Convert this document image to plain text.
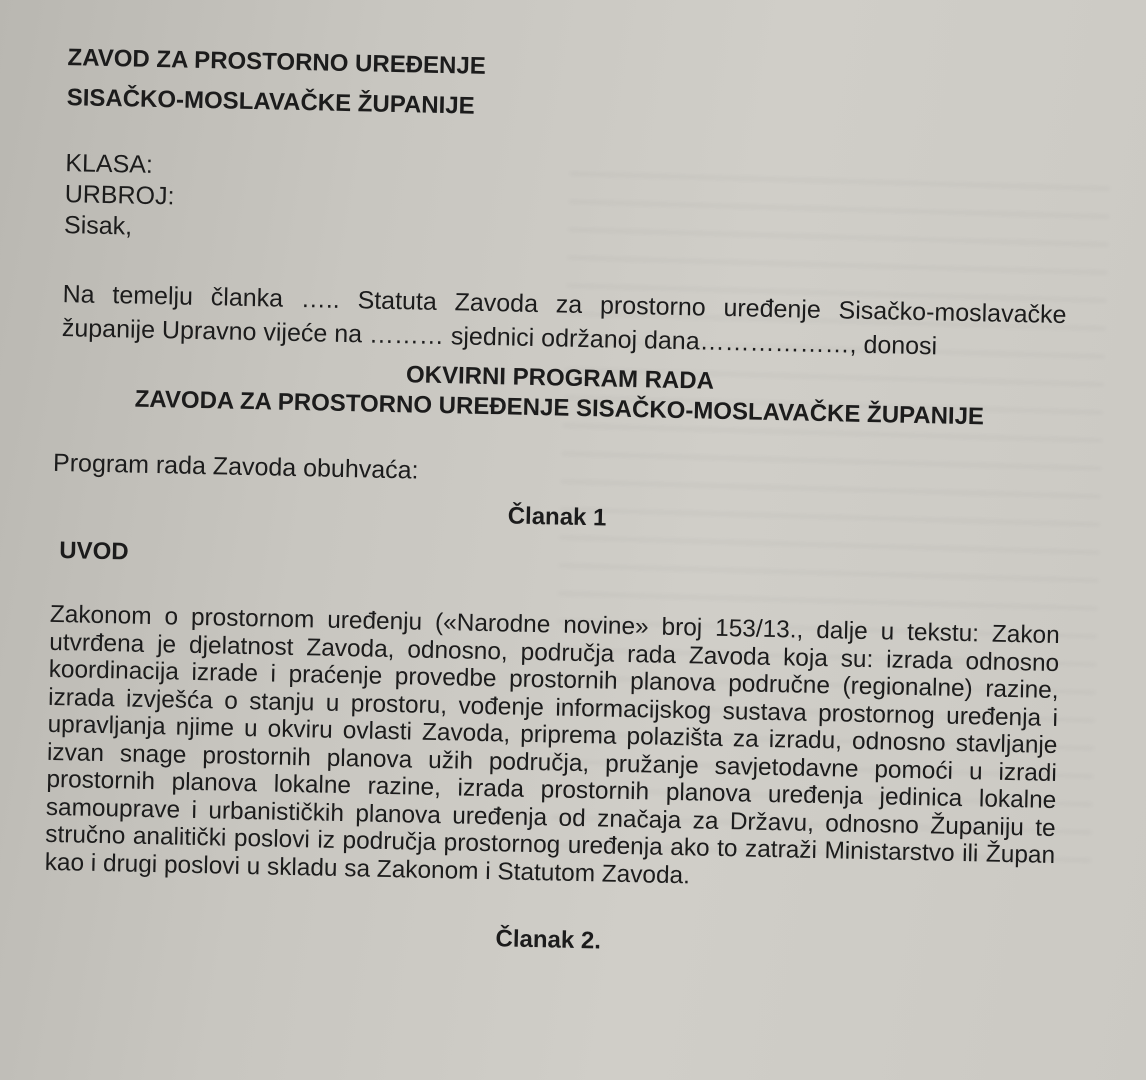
ZAVOD ZA PROSTORNO UREĐENJE
SISAČKO-MOSLAVAČKE ŽUPANIJE
KLASA:
URBROJ:
Sisak,
Na temelju članka ….. Statuta Zavoda za prostorno uređenje Sisačko-moslavačke županije Upravno vijeće na ……… sjednici održanoj dana………………, donosi
OKVIRNI PROGRAM RADA
ZAVODA ZA PROSTORNO UREĐENJE SISAČKO-MOSLAVAČKE ŽUPANIJE
Program rada Zavoda obuhvaća:
Članak 1
UVOD
Zakonom o prostornom uređenju («Narodne novine» broj 153/13., dalje u tekstu: Zakon utvrđena je djelatnost Zavoda, odnosno, područja rada Zavoda koja su: izrada odnosno koordinacija izrade i praćenje provedbe prostornih planova područne (regionalne) razine, izrada izvješća o stanju u prostoru, vođenje informacijskog sustava prostornog uređenja i upravljanja njime u okviru ovlasti Zavoda, priprema polazišta za izradu, odnosno stavljanje izvan snage prostornih planova užih područja, pružanje savjetodavne pomoći u izradi prostornih planova lokalne razine, izrada prostornih planova uređenja jedinica lokalne samouprave i urbanističkih planova uređenja od značaja za Državu, odnosno Županiju te stručno analitički poslovi iz područja prostornog uređenja ako to zatraži Ministarstvo ili Župan kao i drugi poslovi u skladu sa Zakonom i Statutom Zavoda.
Članak 2.
